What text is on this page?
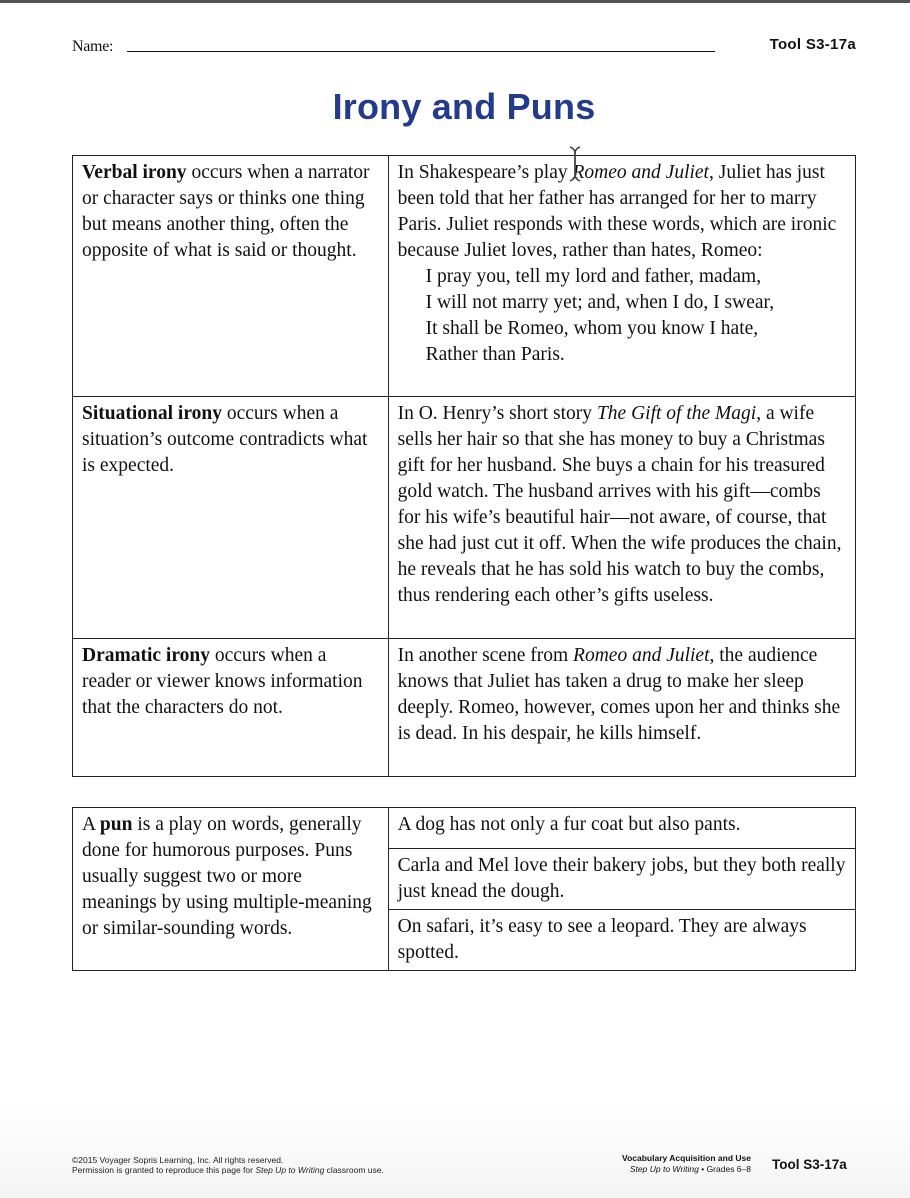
Name:	Tool S3-17a
Irony and Puns
Verbal irony occurs when a narrator or character says or thinks one thing but means another thing, often the opposite of what is said or thought.	In Shakespeare’s play Romeo and Juliet, Juliet has just been told that her father has arranged for her to marry Paris. Juliet responds with these words, which are ironic because Juliet loves, rather than hates, Romeo:
I pray you, tell my lord and father, madam,
I will not marry yet; and, when I do, I swear,
It shall be Romeo, whom you know I hate,
Rather than Paris.

Situational irony occurs when a situation’s outcome contradicts what is expected.	In O. Henry’s short story The Gift of the Magi, a wife sells her hair so that she has money to buy a Christmas gift for her husband. She buys a chain for his treasured gold watch. The husband arrives with his gift—combs for his wife’s beautiful hair—not aware, of course, that she had just cut it off. When the wife produces the chain, he reveals that he has sold his watch to buy the combs, thus rendering each other’s gifts useless.
Dramatic irony occurs when a reader or viewer knows information that the characters do not.	In another scene from Romeo and Juliet, the audience knows that Juliet has taken a drug to make her sleep deeply. Romeo, however, comes upon her and thinks she is dead. In his despair, he kills himself.
A pun is a play on words, generally done for humorous purposes. Puns usually suggest two or more meanings by using multiple-meaning or similar-sounding words.	A dog has not only a fur coat but also pants.
Carla and Mel love their bakery jobs, but they both really just knead the dough.
On safari, it’s easy to see a leopard. They are always spotted.
©2015 Voyager Sopris Learning, Inc. All rights reserved.
Permission is granted to reproduce this page for Step Up to Writing classroom use.
Vocabulary Acquisition and Use
Step Up to Writing • Grades 6–8 Tool S3-17a
